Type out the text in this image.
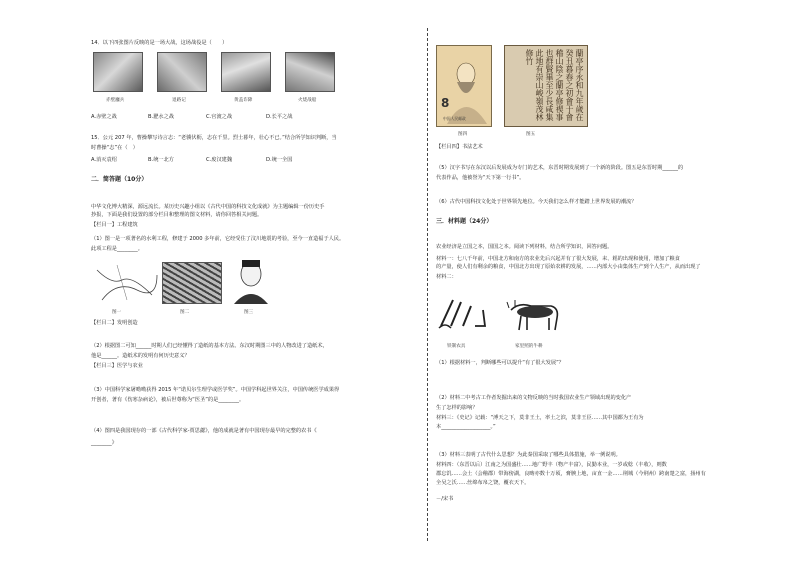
14．以下四张图片反映的是一场大战，这场战役是（　　）
赤壁鏖兵	退路记	黄盖诈降	火烧战船
A.赤壁之战	B.淝水之战	C.官渡之战	D.长平之战
15．公元 207 年，曹操攀写诗言志：“老骥伏枥，志在千里。烈士暮年，壮心不已。”结合所学知识判断，当
时曹操“志”在（　）
A.消灭袁绍	B.统一北方	C.废汉建魏	D.统一全国
二．简答题（10分）
中华文化博大精深，源远流长。某历史兴趣小组以《古代中国的科技文化成就》为主题编辑一份历史手
抄报，下面是我们设置的部分栏目和整理的图文材料，请你回答相关问题。
【栏目一】工程建筑
（1）图一是一项著名的水利工程，修建于 2000 多年前，它经受住了汶川地震的考验，至今一直造福于人民。
此项工程是________。
图一	图二	图三
【栏目二】发明创造
（2）根据图二可知______时期人们已经懂得了造纸的基本方法。东汉时期图三中的人物改进了造纸术，
他是______。造纸术的发明有何历史意义？
【栏目三】医学与农业
（3）中国科学家屠呦呦获得 2015 年“诺贝尔生理学或医学奖”。中国学科起世界关注，中国传统医学成果得
开创者，著有《伤寒杂病论》，被后世尊称为“医圣”的是________。
（4）图四是我国现存的一部《古代科学家-贾思勰》，他的成就是著有中国现存最早的完整的农书《
________》
8
中国人民邮政	蘭亭序永和九年歲在癸丑暮春之初會于會稽山陰之蘭亭修禊事也群賢畢至少長咸集此地有崇山峻嶺茂林修竹
图四	图五
【栏目四】书法艺术
（5）汉字书写在东汉以后发展成为专门的艺术，东晋时期发展到了一个新的阶段。图五是东晋时期______的
代表作品，他被誉为“天下第一行书”。
（6）古代中国科技文化处于世界领先地位。今天我们怎么样才能踏上世界发展的潮流？
三．材料题（24分）
农业经济是立国之本，国国之本。阅读下列材料，结合所学知识，回答问题。
材料一：七八千年前，中国北方和南方的农业先后兴起并有了很大发展，耒、耜的出现和使用，增加了粮食
的产量，使人们有剩余的粮食，中国北方出现了原始农耕的发展，……内部大小由集体生产到个人生产，从而出现了
材料二：
铁制农具	家里照的牛耕
（1）根据材料一，判断哪些可以提升“有了很大发展”？
（2）材料二中考古工作者发掘出来的文物反映的当时我国农业生产领域出现的变化产
生了怎样的影响？
材料三：《史记》记载：“溥天之下，莫非王土，率土之滨，莫非王臣……其中国都为王有为
本___________________。”
（3）材料三表明了古代什么思想？为此秦国采取了哪些具体措施，举一例说明。
材料四：（东晋以后）江南之为国盛壮……地广野丰（物产丰富），民勤本业，一岁或稔（丰收），则数
郡忘饥……会土（会稽郡）带海傍湖，良畴亦数十万顷，膏腴上地，亩直一金……荆城（今荆州）跨南楚之富，扬州有
全吴之沃……丝绵布帛之饶，覆衣天下。
－/宋书
